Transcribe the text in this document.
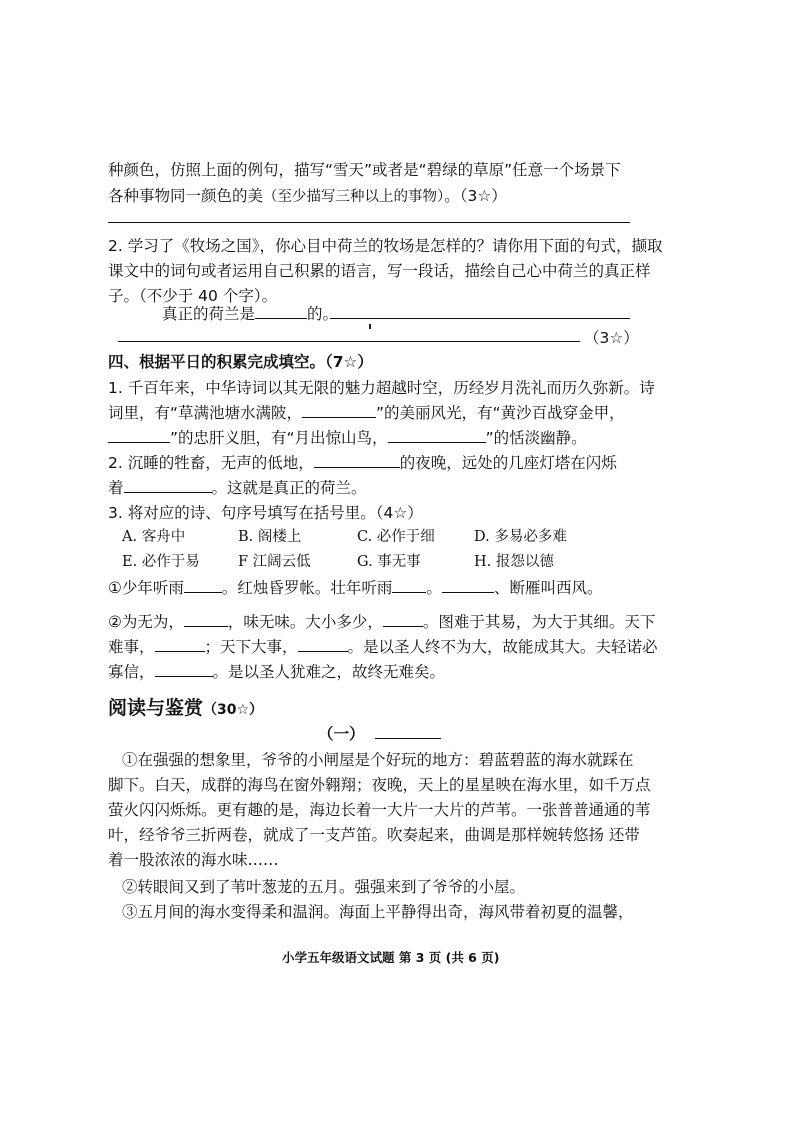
种颜色，仿照上面的例句，描写“雪天”或者是“碧绿的草原”任意一个场景下
各种事物同一颜色的美（至少描写三种以上的事物）。（3☆）
2. 学习了《牧场之国》，你心目中荷兰的牧场是怎样的？请你用下面的句式，撷取
课文中的词句或者运用自己积累的语言，写一段话，描绘自己心中荷兰的真正样
子。（不少于 40 个字）。
真正的荷兰是	的。
（3☆）
四、根据平日的积累完成填空。（7☆）
1. 千百年来，中华诗词以其无限的魅力超越时空，历经岁月洗礼而历久弥新。诗
词里，有“草满池塘水满陂，	”的美丽风光，有“黄沙百战穿金甲，
”的忠肝义胆，有“月出惊山鸟，	”的恬淡幽静。
2. 沉睡的牲畜，无声的低地，	的夜晚，远处的几座灯塔在闪烁
着	。这就是真正的荷兰。
3. 将对应的诗、句序号填写在括号里。（4☆）
A. 客舟中	B. 阁楼上	C. 必作于细	D. 多易必多难
E. 必作于易	F 江阔云低	G. 事无事	H. 报怨以德
①少年听雨 。红烛昏罗帐。壮年听雨 。	、断雁叫西风。
②为无为，	，味无味。大小多少，	。图难于其易，为大于其细。天下
难事，	；天下大事，	。是以圣人终不为大，故能成其大。夫轻诺必
寡信，	。是以圣人犹难之，故终无难矣。
阅读与鉴赏（30☆）
（一）
①在强强的想象里，爷爷的小闸屋是个好玩的地方：碧蓝碧蓝的海水就踩在
脚下。白天，成群的海鸟在窗外翱翔；夜晚，天上的星星映在海水里，如千万点
萤火闪闪烁烁。更有趣的是，海边长着一大片一大片的芦苇。一张普普通通的苇
叶，经爷爷三折两卷，就成了一支芦笛。吹奏起来，曲调是那样婉转悠扬 还带
着一股浓浓的海水味……
②转眼间又到了苇叶葱茏的五月。强强来到了爷爷的小屋。
③五月间的海水变得柔和温润。海面上平静得出奇，海风带着初夏的温馨，
小学五年级语文试题 第 3 页 (共 6 页)
